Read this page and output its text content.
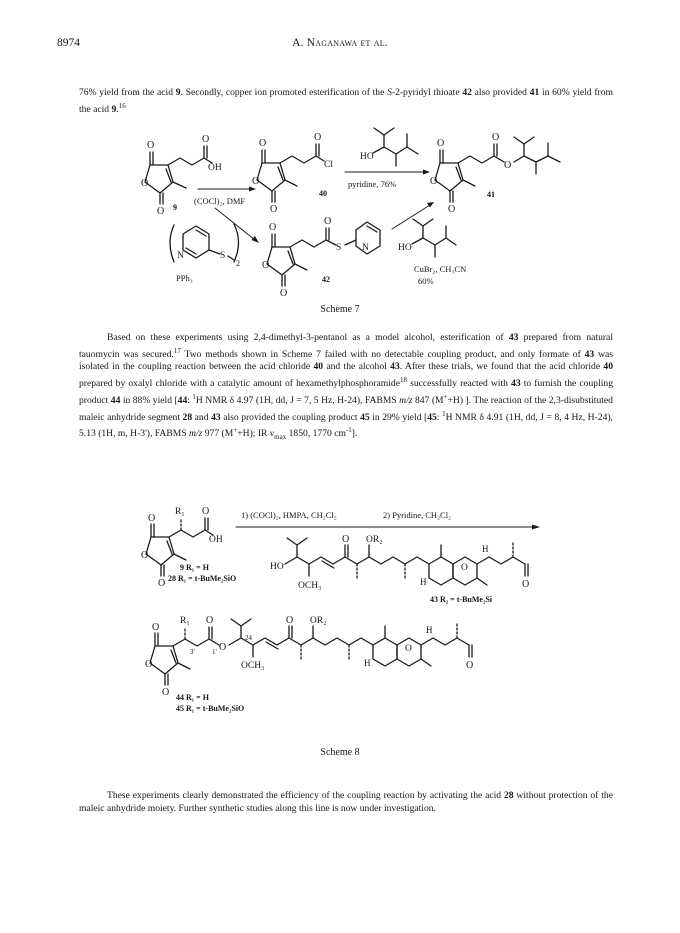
8974	A. Naganawa et al.
76% yield from the acid 9. Secondly, copper ion promoted esterification of the S-2-pyridyl thioate 42 also provided 41 in 60% yield from the acid 9.16
O
O
O
O
OH
9
(COCl)₂, DMF
O
O
O
O
Cl
40
HO
pyridine, 76%
O
O
O
O
O
41
N	S
2
PPh₃
O
O
O
O
S N
42
HO
CuBr₂, CH₃CN
60%
Scheme 7
Based on these experiments using 2,4-dimethyl-3-pentanol as a model alcohol, esterification of 43 prepared from natural tauomycin was secured.$^{17}$ Two methods shown in Scheme 7 failed with no detectable coupling product, and only formate of 43 was isolated in the coupling reaction between the acid chloride 40 and the alcohol 43. After these trials, we found that the acid chloride 40 prepared by oxalyl chloride with a catalytic amount of hexamethylphosphoramide$^{18}$ successfully reacted with 43 to furnish the coupling product 44 in 88% yield [44: $^1$H NMR δ 4.97 (1H, dd, J = 7, 5 Hz, H-24), FABMS m/z 847 (M++H) ]. The reaction of the 2,3-disubstituted maleic anhydride segment 28 and 43 also provided the coupling product 45 in 29% yield [45: $^1$H NMR δ 4.91 (1H, dd, J = 8, 4 Hz, H-24), 5.13 (1H, m, H-3'), FABMS m/z 977 (M++H); IR $\nu_{max}$ 1850, 1770 $cm^{-1}$].
1) (COCl)₂, HMPA, CH₂Cl₂	2) Pyridine, CH₂Cl₂
O
O
O
O
R₁
OH
9 R₁ = H
28 R₁ = t-BuMe₂SiO
HO
OCH₃
O OR₂
H
O
H
O
43 R₂ = t-BuMe₂Si
O
O
O
O
R₁
O
3' 1'
24
OCH₃
O OR₂
H
O
H
O
44 R₁ = H
45 R₁ = t-BuMe₂SiO
Scheme 8
These experiments clearly demonstrated the efficiency of the coupling reaction by activating the acid 28 without protection of the maleic anhydride moiety. Further synthetic studies along this line is now under investigation.
